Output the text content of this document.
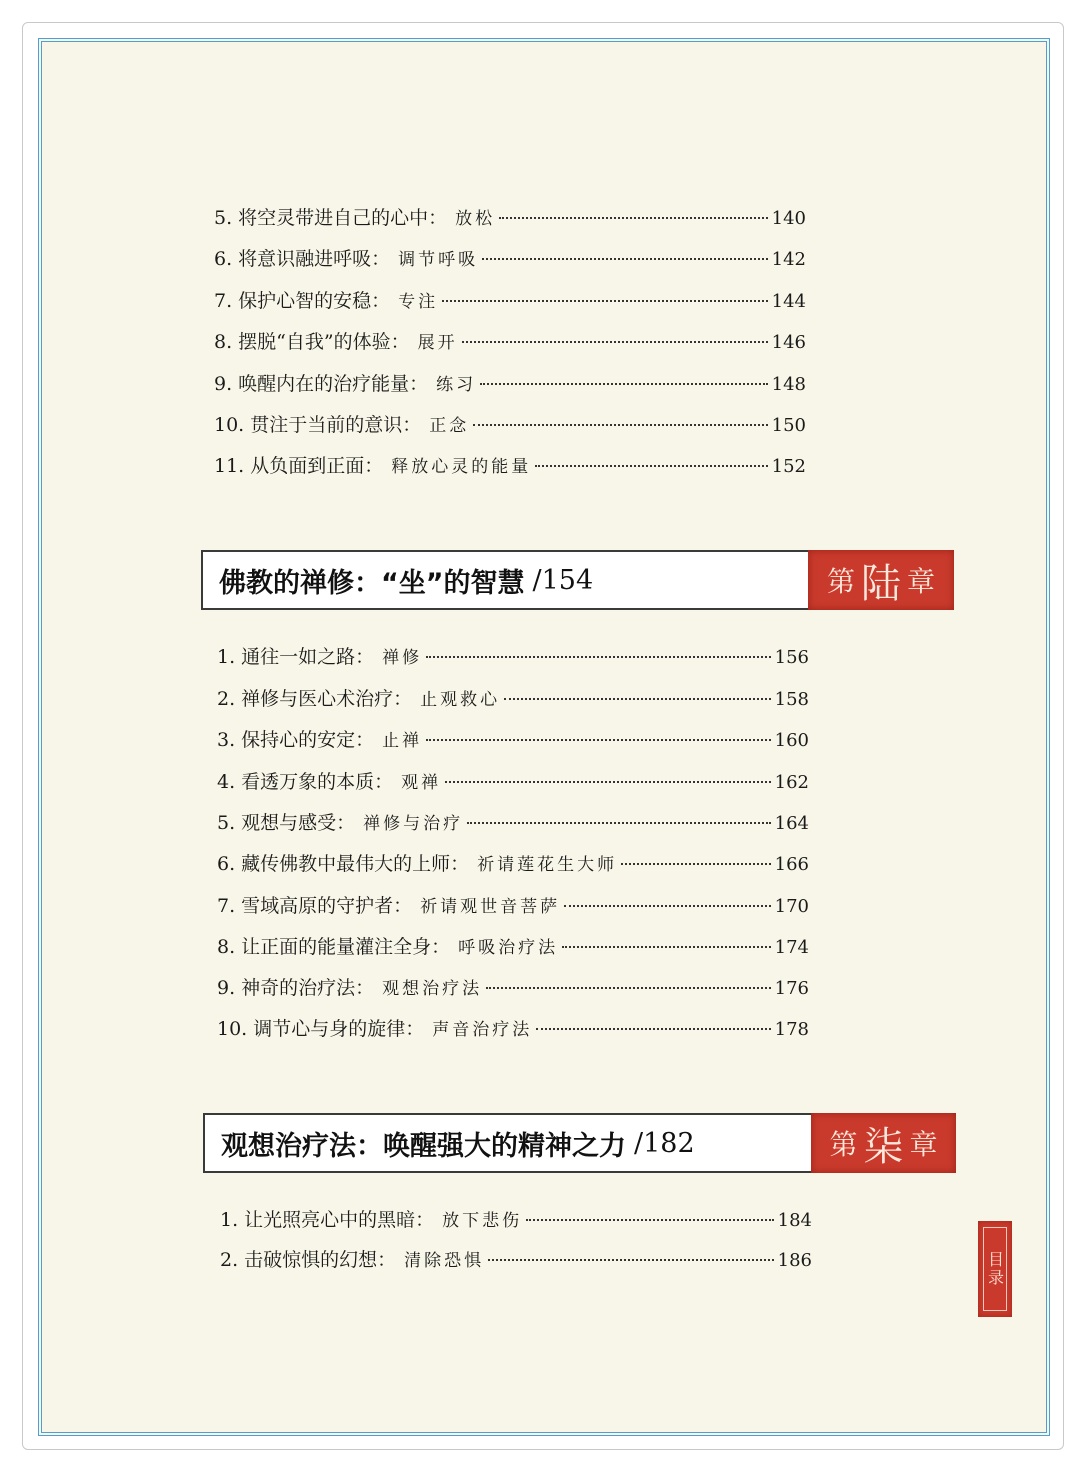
5. 将空灵带进自己的心中： 放松	140
6. 将意识融进呼吸： 调节呼吸	142
7. 保护心智的安稳： 专注	144
8. 摆脱“自我”的体验： 展开	146
9. 唤醒内在的治疗能量： 练习	148
10. 贯注于当前的意识： 正念	150
11. 从负面到正面： 释放心灵的能量	152
佛教的禅修：“坐”的智慧 /154	第 陆 章
1. 通往一如之路： 禅修	156
2. 禅修与医心术治疗： 止观救心	158
3. 保持心的安定： 止禅	160
4. 看透万象的本质： 观禅	162
5. 观想与感受： 禅修与治疗	164
6. 藏传佛教中最伟大的上师： 祈请莲花生大师	166
7. 雪域高原的守护者： 祈请观世音菩萨	170
8. 让正面的能量灌注全身： 呼吸治疗法	174
9. 神奇的治疗法： 观想治疗法	176
10. 调节心与身的旋律： 声音治疗法	178
观想治疗法：唤醒强大的精神之力 /182	第 柒 章
1. 让光照亮心中的黑暗： 放下悲伤	184
2. 击破惊惧的幻想： 清除恐惧	186	目录
